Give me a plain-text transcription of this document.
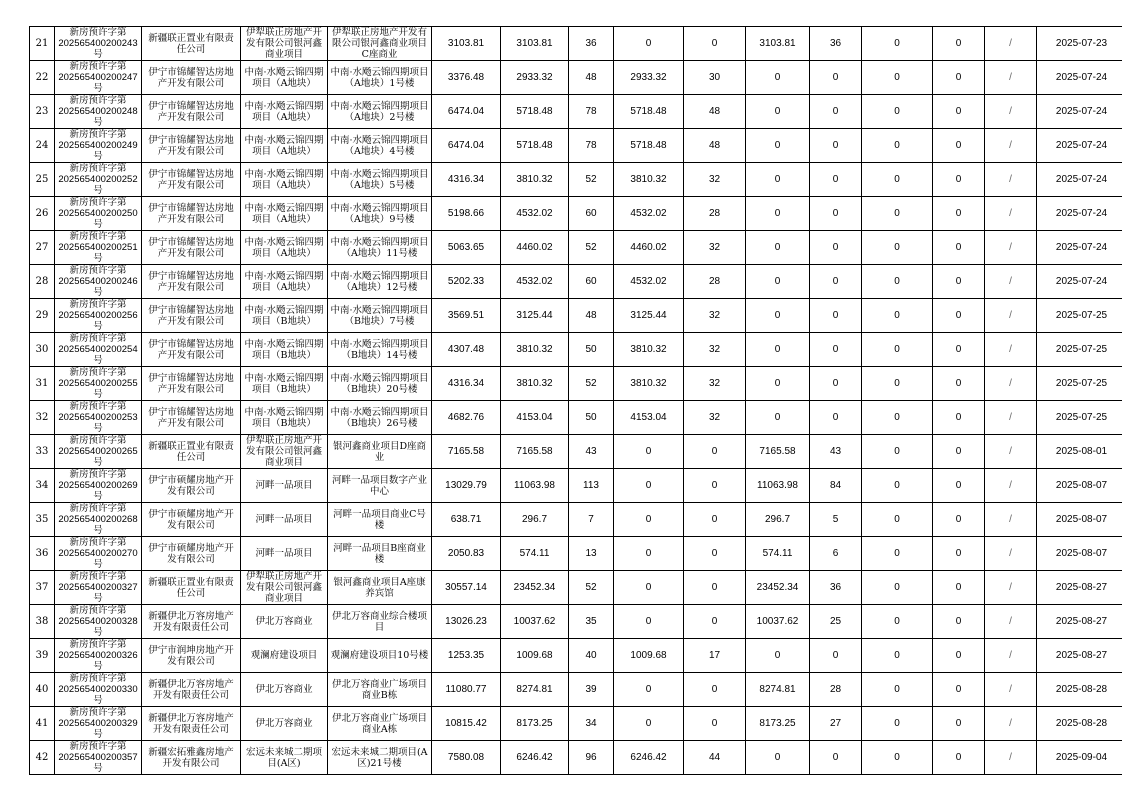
21	新房预许字第
202565400200243
号	新疆联正置业有限责任公司	伊犁联正房地产开发有限公司银河鑫商业项目	伊犁联正房地产开发有限公司银河鑫商业项目C座商业	3103.81	3103.81	36	0	0	3103.81	36	0	0	/	2025-07-23
22	新房预许字第
202565400200247
号	伊宁市锦耀智达房地产开发有限公司	中南·水飏云锦四期项目（A地块）	中南·水飏云锦四期项目（A地块）1号楼	3376.48	2933.32	48	2933.32	30	0	0	0	0	/	2025-07-24
23	新房预许字第
202565400200248
号	伊宁市锦耀智达房地产开发有限公司	中南·水飏云锦四期项目（A地块）	中南·水飏云锦四期项目（A地块）2号楼	6474.04	5718.48	78	5718.48	48	0	0	0	0	/	2025-07-24
24	新房预许字第
202565400200249
号	伊宁市锦耀智达房地产开发有限公司	中南·水飏云锦四期项目（A地块）	中南·水飏云锦四期项目（A地块）4号楼	6474.04	5718.48	78	5718.48	48	0	0	0	0	/	2025-07-24
25	新房预许字第
202565400200252
号	伊宁市锦耀智达房地产开发有限公司	中南·水飏云锦四期项目（A地块）	中南·水飏云锦四期项目（A地块）5号楼	4316.34	3810.32	52	3810.32	32	0	0	0	0	/	2025-07-24
26	新房预许字第
202565400200250
号	伊宁市锦耀智达房地产开发有限公司	中南·水飏云锦四期项目（A地块）	中南·水飏云锦四期项目（A地块）9号楼	5198.66	4532.02	60	4532.02	28	0	0	0	0	/	2025-07-24
27	新房预许字第
202565400200251
号	伊宁市锦耀智达房地产开发有限公司	中南·水飏云锦四期项目（A地块）	中南·水飏云锦四期项目（A地块）11号楼	5063.65	4460.02	52	4460.02	32	0	0	0	0	/	2025-07-24
28	新房预许字第
202565400200246
号	伊宁市锦耀智达房地产开发有限公司	中南·水飏云锦四期项目（A地块）	中南·水飏云锦四期项目（A地块）12号楼	5202.33	4532.02	60	4532.02	28	0	0	0	0	/	2025-07-24
29	新房预许字第
202565400200256
号	伊宁市锦耀智达房地产开发有限公司	中南·水飏云锦四期项目（B地块）	中南·水飏云锦四期项目（B地块）7号楼	3569.51	3125.44	48	3125.44	32	0	0	0	0	/	2025-07-25
30	新房预许字第
202565400200254
号	伊宁市锦耀智达房地产开发有限公司	中南·水飏云锦四期项目（B地块）	中南·水飏云锦四期项目（B地块）14号楼	4307.48	3810.32	50	3810.32	32	0	0	0	0	/	2025-07-25
31	新房预许字第
202565400200255
号	伊宁市锦耀智达房地产开发有限公司	中南·水飏云锦四期项目（B地块）	中南·水飏云锦四期项目（B地块）20号楼	4316.34	3810.32	52	3810.32	32	0	0	0	0	/	2025-07-25
32	新房预许字第
202565400200253
号	伊宁市锦耀智达房地产开发有限公司	中南·水飏云锦四期项目（B地块）	中南·水飏云锦四期项目（B地块）26号楼	4682.76	4153.04	50	4153.04	32	0	0	0	0	/	2025-07-25
33	新房预许字第
202565400200265
号	新疆联正置业有限责任公司	伊犁联正房地产开发有限公司银河鑫商业项目	银河鑫商业项目D座商业	7165.58	7165.58	43	0	0	7165.58	43	0	0	/	2025-08-01
34	新房预许字第
202565400200269
号	伊宁市硕耀房地产开发有限公司	河畔一品项目	河畔一品项目数字产业中心	13029.79	11063.98	113	0	0	11063.98	84	0	0	/	2025-08-07
35	新房预许字第
202565400200268
号	伊宁市硕耀房地产开发有限公司	河畔一品项目	河畔一品项目商业C号楼	638.71	296.7	7	0	0	296.7	5	0	0	/	2025-08-07
36	新房预许字第
202565400200270
号	伊宁市硕耀房地产开发有限公司	河畔一品项目	河畔一品项目B座商业楼	2050.83	574.11	13	0	0	574.11	6	0	0	/	2025-08-07
37	新房预许字第
202565400200327
号	新疆联正置业有限责任公司	伊犁联正房地产开发有限公司银河鑫商业项目	银河鑫商业项目A座康养宾馆	30557.14	23452.34	52	0	0	23452.34	36	0	0	/	2025-08-27
38	新房预许字第
202565400200328
号	新疆伊北万容房地产开发有限责任公司	伊北万容商业	伊北万容商业综合楼项目	13026.23	10037.62	35	0	0	10037.62	25	0	0	/	2025-08-27
39	新房预许字第
202565400200326
号	伊宁市润坤房地产开发有限公司	观澜府建设项目	观澜府建设项目10号楼	1253.35	1009.68	40	1009.68	17	0	0	0	0	/	2025-08-27
40	新房预许字第
202565400200330
号	新疆伊北万容房地产开发有限责任公司	伊北万容商业	伊北万容商业广场项目商业B栋	11080.77	8274.81	39	0	0	8274.81	28	0	0	/	2025-08-28
41	新房预许字第
202565400200329
号	新疆伊北万容房地产开发有限责任公司	伊北万容商业	伊北万容商业广场项目商业A栋	10815.42	8173.25	34	0	0	8173.25	27	0	0	/	2025-08-28
42	新房预许字第
202565400200357
号	新疆宏拓雅鑫房地产开发有限公司	宏远未来城二期项目(A区)	宏远未来城二期项目(A区)21号楼	7580.08	6246.42	96	6246.42	44	0	0	0	0	/	2025-09-04
